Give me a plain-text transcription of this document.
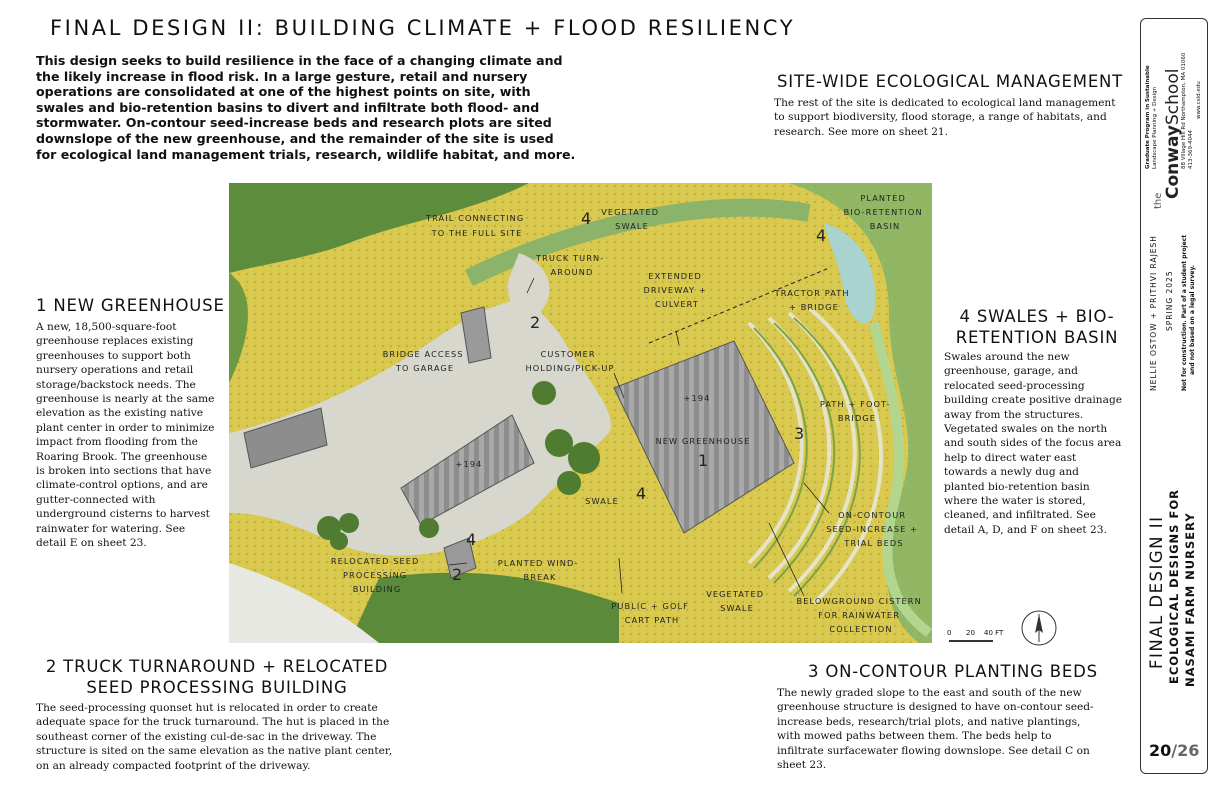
FINAL DESIGN II: BUILDING CLIMATE + FLOOD RESILIENCY
This design seeks to build resilience in the face of a changing climate and the likely increase in flood risk. In a large gesture, retail and nursery operations are consolidated at one of the highest points on site, with swales and bio-retention basins to divert and infiltrate both flood- and stormwater. On-contour seed-increase beds and research plots are sited downslope of the new greenhouse, and the remainder of the site is used for ecological land management trials, research, wildlife habitat, and more.
1 NEW GREENHOUSE
A new, 18,500-square-foot greenhouse replaces existing greenhouses to support both nursery operations and retail storage/backstock needs. The greenhouse is nearly at the same elevation as the existing native plant center in order to minimize impact from flooding from the Roaring Brook. The greenhouse is broken into sections that have climate-control options, and are gutter-connected with underground cisterns to harvest rainwater for watering. See detail E on sheet 23.
2 TRUCK TURNAROUND + RELOCATED
SEED PROCESSING BUILDING
The seed-processing quonset hut is relocated in order to create adequate space for the truck turnaround. The hut is placed in the southeast corner of the existing cul-de-sac in the driveway. The structure is sited on the same elevation as the native plant center, on an already compacted footprint of the driveway.
SITE-WIDE ECOLOGICAL MANAGEMENT
The rest of the site is dedicated to ecological land management to support biodiversity, flood storage, a range of habitats, and research. See more on sheet 21.
4 SWALES + BIO-
RETENTION BASIN
Swales around the new greenhouse, garage, and relocated seed-processing building create positive drainage away from the structures. Vegetated swales on the north and south sides of the focus area help to direct water east towards a newly dug and planted bio-retention basin where the water is stored, cleaned, and infiltrated. See detail A, D, and F on sheet 23.
3 ON-CONTOUR PLANTING BEDS
The newly graded slope to the east and south of the new greenhouse structure is designed to have on-contour seed-increase beds, research/trial plots, and native plantings, with mowed paths between them. The beds help to infiltrate surfacewater flowing downslope. See detail C on sheet 23.
TRAIL CONNECTING TO THE FULL SITE
VEGETATED SWALE
PLANTED BIO-RETENTION BASIN
TRUCK TURN- AROUND	EXTENDED DRIVEWAY + CULVERT
TRACTOR PATH + BRIDGE
BRIDGE ACCESS TO GARAGE
CUSTOMER HOLDING/PICK-UP
PATH + FOOT- BRIDGE
NEW GREENHOUSE
SWALE
ON-CONTOUR SEED-INCREASE + TRIAL BEDS
RELOCATED SEED PROCESSING BUILDING
PLANTED WIND- BREAK
PUBLIC + GOLF CART PATH
VEGETATED SWALE
BELOWGROUND CISTERN FOR RAINWATER COLLECTION
4
4
2
1
3
4
4
2
+194
+194
0 20 40 FT
the
ConwaySchool
Graduate Program in Sustainable Landscape Planning + Design	88 Village Hill Rd Northampton, MA 01060 413-369-4044
www.csld.edu
NELLIE OSTOW + PRITHVI RAJESH SPRING 2025 Not for construction. Part of a student project and not based on a legal survey.
FINAL DESIGN II ECOLOGICAL DESIGNS FOR NASAMI FARM NURSERY
20/26
